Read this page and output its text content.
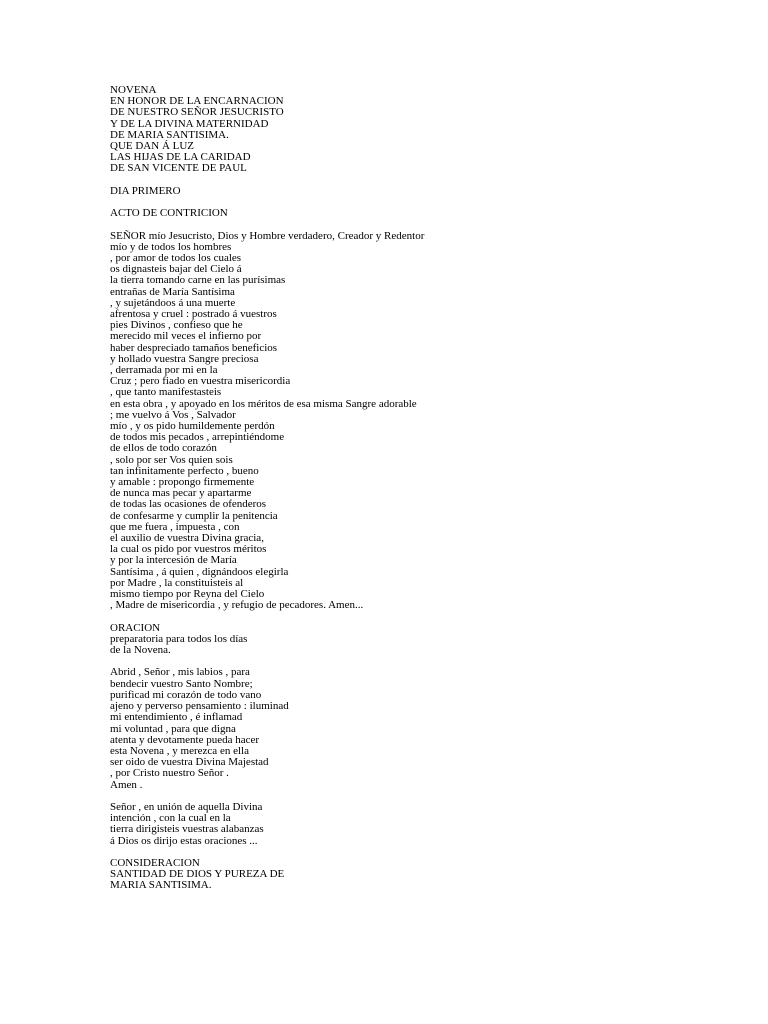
NOVENA
EN HONOR DE LA ENCARNACION
DE NUESTRO SEÑOR JESUCRISTO
Y DE LA DIVINA MATERNIDAD
DE MARIA SANTISIMA.
QUE DAN Á LUZ
LAS HIJAS DE LA CARIDAD
DE SAN VICENTE DE PAUL
DIA PRIMERO
ACTO DE CONTRICION
SEÑOR mío Jesucristo, Dios y Hombre verdadero, Creador y Redentor
mío y de todos los hombres
, por amor de todos los cuales
os dignasteis bajar del Cielo á
la tierra tomando carne en las purísimas
entrañas de María Santísima
, y sujetándoos á una muerte
afrentosa y cruel : postrado á vuestros
pies Divinos , confieso que he
merecido mil veces el infierno por
haber despreciado tamaños beneficios
y hollado vuestra Sangre preciosa
, derramada por mi en la
Cruz ; pero fiado en vuestra misericordia
, que tanto manifestasteis
en esta obra , y apoyado en los méritos de esa misma Sangre adorable
; me vuelvo á Vos , Salvador
mío , y os pido humildemente perdón
de todos mis pecados , arrepintiéndome
de ellos de todo corazón
, solo por ser Vos quien sois
tan infinitamente perfecto , bueno
y amable : propongo firmemente
de nunca mas pecar y apartarme
de todas las ocasiones de ofenderos
de confesarme y cumplir la penitencia
que me fuera , impuesta , con
el auxilio de vuestra Divina gracia,
la cual os pido por vuestros méritos
y por la intercesión de María
Santísima , á quien , dignándoos elegirla
por Madre , la constituisteis al
mismo tiempo por Reyna del Cielo
, Madre de misericordia , y refugio de pecadores. Amen...
ORACION
preparatoria para todos los días
de la Novena.
Abrid , Señor , mis labios , para
bendecir vuestro Santo Nombre;
purificad mi corazón de todo vano
ajeno y perverso pensamiento : iluminad
mi entendimiento , é inflamad
mi voluntad , para que digna
atenta y devotamente pueda hacer
esta Novena , y merezca en ella
ser oido de vuestra Divina Majestad
, por Cristo nuestro Señor .
Amen .
Señor , en unión de aquella Divina
intención , con la cual en la
tierra dirigisteis vuestras alabanzas
á Dios os dirijo estas oraciones ...
CONSIDERACION
SANTIDAD DE DIOS Y PUREZA DE
MARIA SANTISIMA.
